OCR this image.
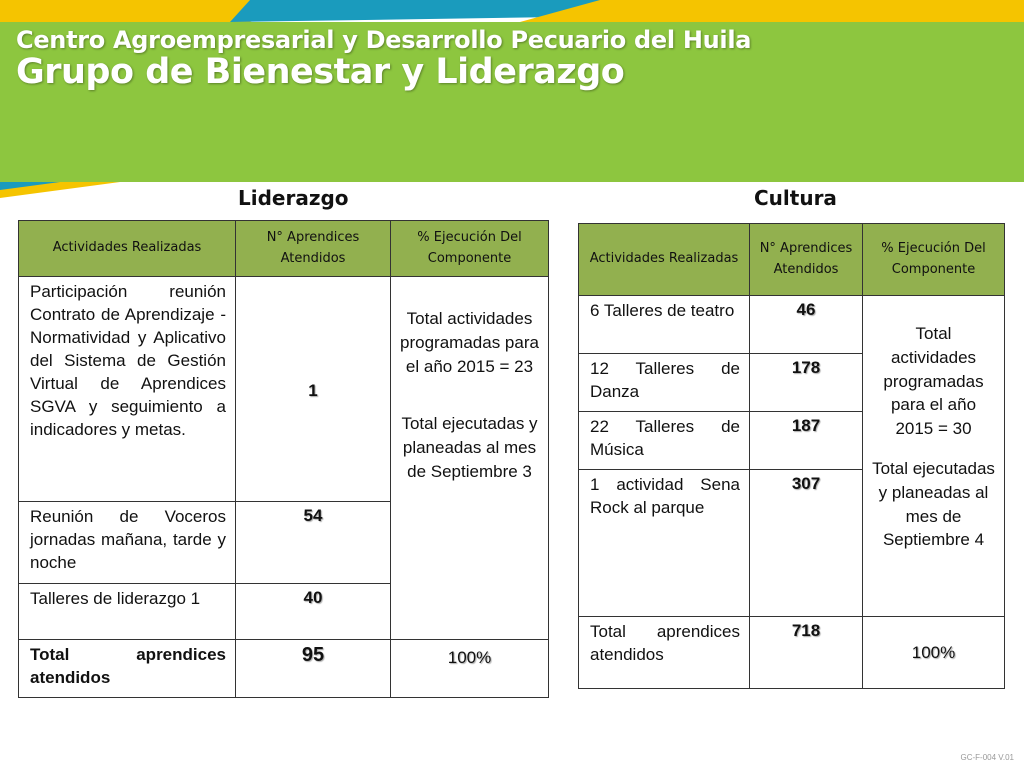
Centro Agroempresarial y Desarrollo Pecuario del Huila
Grupo de Bienestar y Liderazgo
Liderazgo	Cultura
Actividades Realizadas	N° Aprendices Atendidos	% Ejecución Del Componente

Participación reunión Contrato de Aprendizaje - Normatividad y Aplicativo del Sistema de Gestión Virtual de Aprendices SGVA y seguimiento a indicadores y metas.	1	Total actividades programadas para el año 2015 = 23
Total ejecutadas y planeadas al mes de Septiembre 3

Reunión de Voceros jornadas mañana, tarde y noche	54	

Talleres de liderazgo 1	40	

Total aprendices atendidos	95	100%
Actividades Realizadas	N° Aprendices Atendidos	% Ejecución Del Componente

6 Talleres de teatro	46	Total actividades programadas para el año 2015 = 30
Total ejecutadas y planeadas al mes de Septiembre 4

12 Talleres de Danza	178	

22 Talleres de Música	187	

1 actividad Sena Rock al parque	307	

Total aprendices atendidos	718	100%
GC-F-004 V.01
